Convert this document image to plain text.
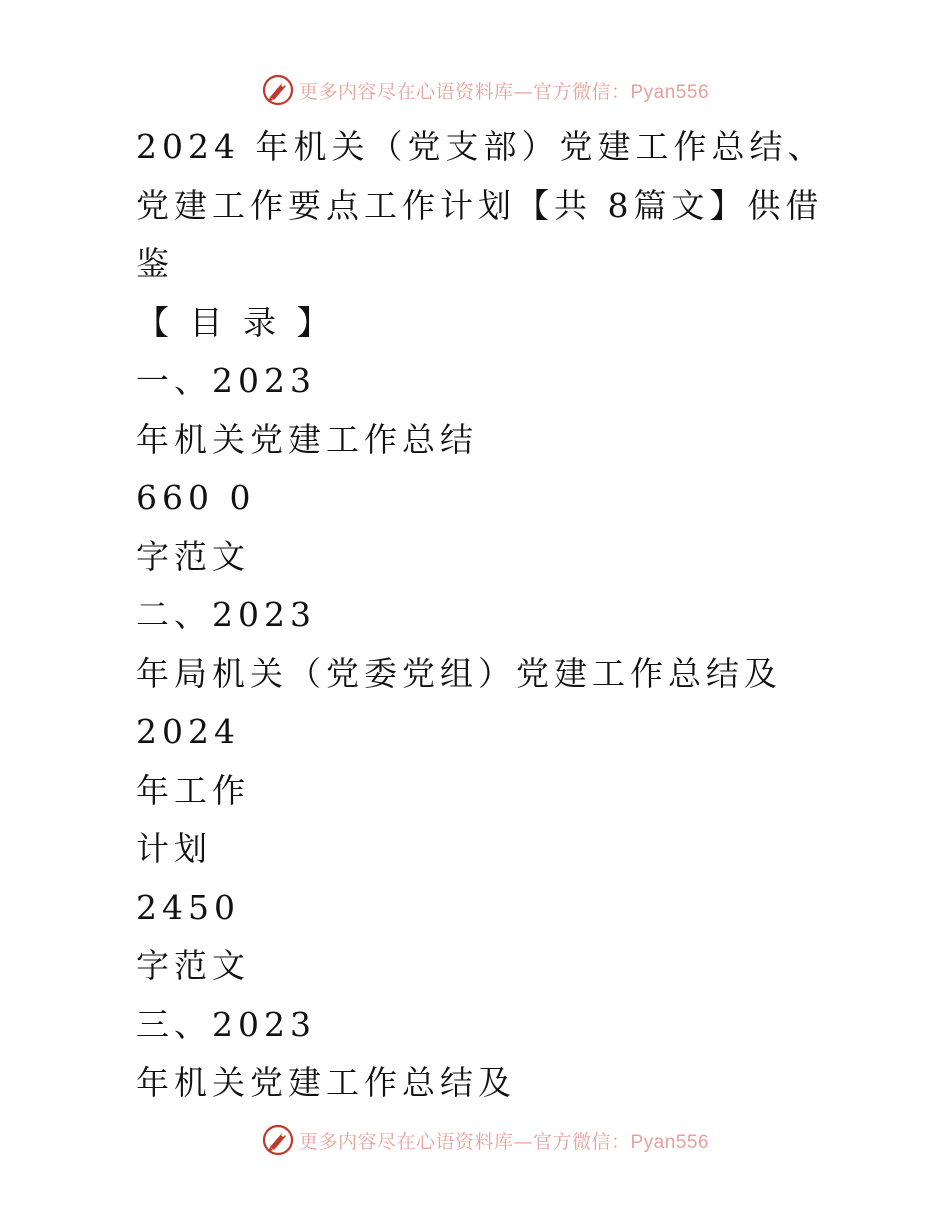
更多内容尽在心语资料库—官方微信：Pyan556
2024 年机关（党支部）党建工作总结、
党建工作要点工作计划【共 8篇文】供借
鉴
【 目 录 】
一、2023
年机关党建工作总结
660 0
字范文
二、2023
年局机关（党委党组）党建工作总结及
2024
年工作
计划
2450
字范文
三、2023
年机关党建工作总结及
更多内容尽在心语资料库—官方微信：Pyan556
